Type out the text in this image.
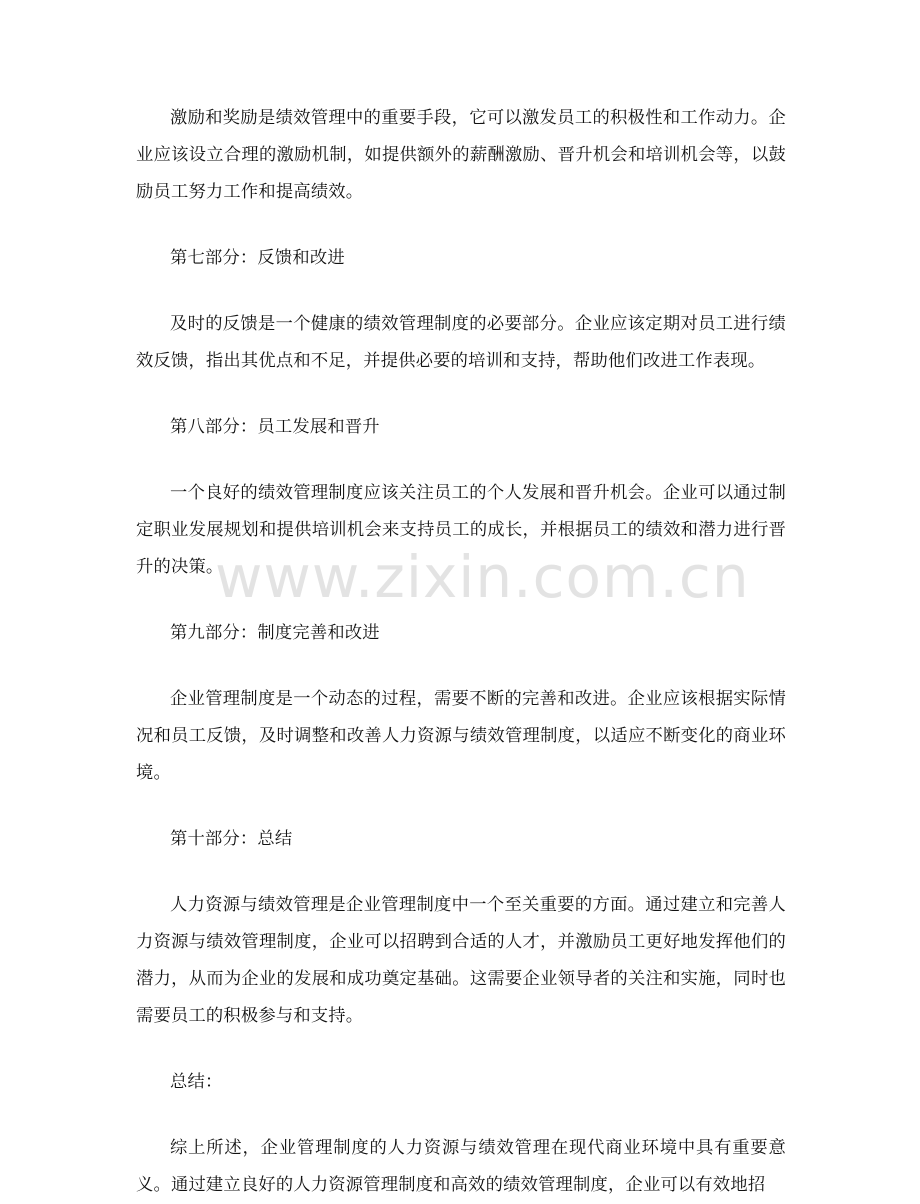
激励和奖励是绩效管理中的重要手段，它可以激发员工的积极性和工作动力。企业应该设立合理的激励机制，如提供额外的薪酬激励、晋升机会和培训机会等，以鼓励员工努力工作和提高绩效。

第七部分：反馈和改进

及时的反馈是一个健康的绩效管理制度的必要部分。企业应该定期对员工进行绩效反馈，指出其优点和不足，并提供必要的培训和支持，帮助他们改进工作表现。

第八部分：员工发展和晋升

一个良好的绩效管理制度应该关注员工的个人发展和晋升机会。企业可以通过制定职业发展规划和提供培训机会来支持员工的成长，并根据员工的绩效和潜力进行晋升的决策。

第九部分：制度完善和改进

企业管理制度是一个动态的过程，需要不断的完善和改进。企业应该根据实际情况和员工反馈，及时调整和改善人力资源与绩效管理制度，以适应不断变化的商业环境。

第十部分：总结

人力资源与绩效管理是企业管理制度中一个至关重要的方面。通过建立和完善人力资源与绩效管理制度，企业可以招聘到合适的人才，并激励员工更好地发挥他们的潜力，从而为企业的发展和成功奠定基础。这需要企业领导者的关注和实施，同时也需要员工的积极参与和支持。

总结：

综上所述，企业管理制度的人力资源与绩效管理在现代商业环境中具有重要意义。通过建立良好的人力资源管理制度和高效的绩效管理制度，企业可以有效地招

www.zixin.com.cn
